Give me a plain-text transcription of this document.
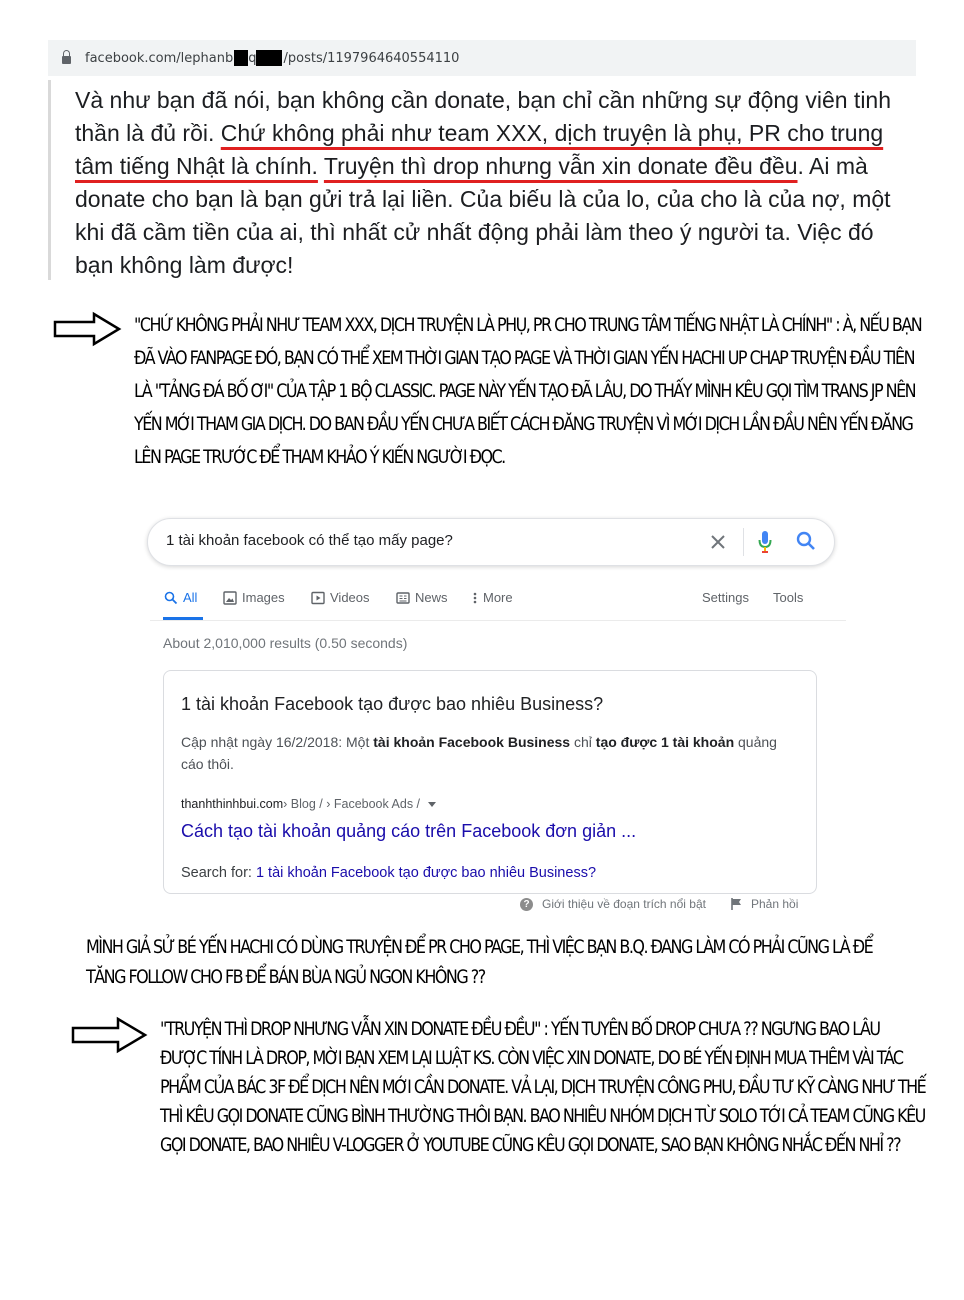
facebook.com/lephanb q /posts/1197964640554110

Và như bạn đã nói, bạn không cần donate, bạn chỉ cần những sự động viên tinh thần là đủ rồi. Chứ không phải như team XXX, dịch truyện là phụ, PR cho trung tâm tiếng Nhật là chính. Truyện thì drop nhưng vẫn xin donate đều đều. Ai mà donate cho bạn là bạn gửi trả lại liền. Của biếu là của lo, của cho là của nợ, một khi đã cầm tiền của ai, thì nhất cử nhất động phải làm theo ý người ta. Việc đó bạn không làm được!

"CHỨ KHÔNG PHẢI NHƯ TEAM XXX, DỊCH TRUYỆN LÀ PHỤ, PR CHO TRUNG TÂM TIẾNG NHẬT LÀ CHÍNH" : À, NẾU BẠN ĐÃ VÀO FANPAGE ĐÓ, BẠN CÓ THỂ XEM THỜI GIAN TẠO PAGE VÀ THỜI GIAN YẾN HACHI UP CHAP TRUYỆN ĐẦU TIÊN LÀ "TẢNG ĐÁ BỐ ƠI" CỦA TẬP 1 BỘ CLASSIC. PAGE NÀY YẾN TẠO ĐÃ LÂU, DO THẤY MÌNH KÊU GỌI TÌM TRANS JP NÊN YẾN MỚI THAM GIA DỊCH. DO BAN ĐẦU YẾN CHƯA BIẾT CÁCH ĐĂNG TRUYỆN VÌ MỚI DỊCH LẦN ĐẦU NÊN YẾN ĐĂNG LÊN PAGE TRƯỚC ĐỂ THAM KHẢO Ý KIẾN NGƯỜI ĐỌC.

1 tài khoản facebook có thể tạo mấy page?
All	Images	Videos	News	More	Settings Tools
About 2,010,000 results (0.50 seconds)
1 tài khoản Facebook tạo được bao nhiêu Business?
Cập nhật ngày 16/2/2018: Một tài khoản Facebook Business chỉ tạo được 1 tài khoản quảng cáo thôi.
thanhthinhbui.com › Blog / › Facebook Ads /
Cách tạo tài khoản quảng cáo trên Facebook đơn giản ...
Search for: 1 tài khoản Facebook tạo được bao nhiêu Business?
? Giới thiệu về đoạn trích nổi bật	Phản hồi

MÌNH GIẢ SỬ BÉ YẾN HACHI CÓ DÙNG TRUYỆN ĐỂ PR CHO PAGE, THÌ VIỆC BẠN B.Q. ĐANG LÀM CÓ PHẢI CŨNG LÀ ĐỂ TĂNG FOLLOW CHO FB ĐỂ BÁN BÙA NGỦ NGON KHÔNG ??

"TRUYỆN THÌ DROP NHƯNG VẪN XIN DONATE ĐỀU ĐỀU" : YẾN TUYÊN BỐ DROP CHƯA ?? NGƯNG BAO LÂU ĐƯỢC TÍNH LÀ DROP, MỜI BẠN XEM LẠI LUẬT KS. CÒN VIỆC XIN DONATE, DO BÉ YẾN ĐỊNH MUA THÊM VÀI TÁC PHẨM CỦA BÁC 3F ĐỂ DỊCH NÊN MỚI CẦN DONATE. VẢ LẠI, DỊCH TRUYỆN CÔNG PHU, ĐẦU TƯ KỸ CÀNG NHƯ THẾ THÌ KÊU GỌI DONATE CŨNG BÌNH THƯỜNG THÔI BẠN. BAO NHIÊU NHÓM DỊCH TỪ SOLO TỚI CẢ TEAM CŨNG KÊU GỌI DONATE, BAO NHIÊU V-LOGGER Ở YOUTUBE CŨNG KÊU GỌI DONATE, SAO BẠN KHÔNG NHẮC ĐẾN NHỈ ??
